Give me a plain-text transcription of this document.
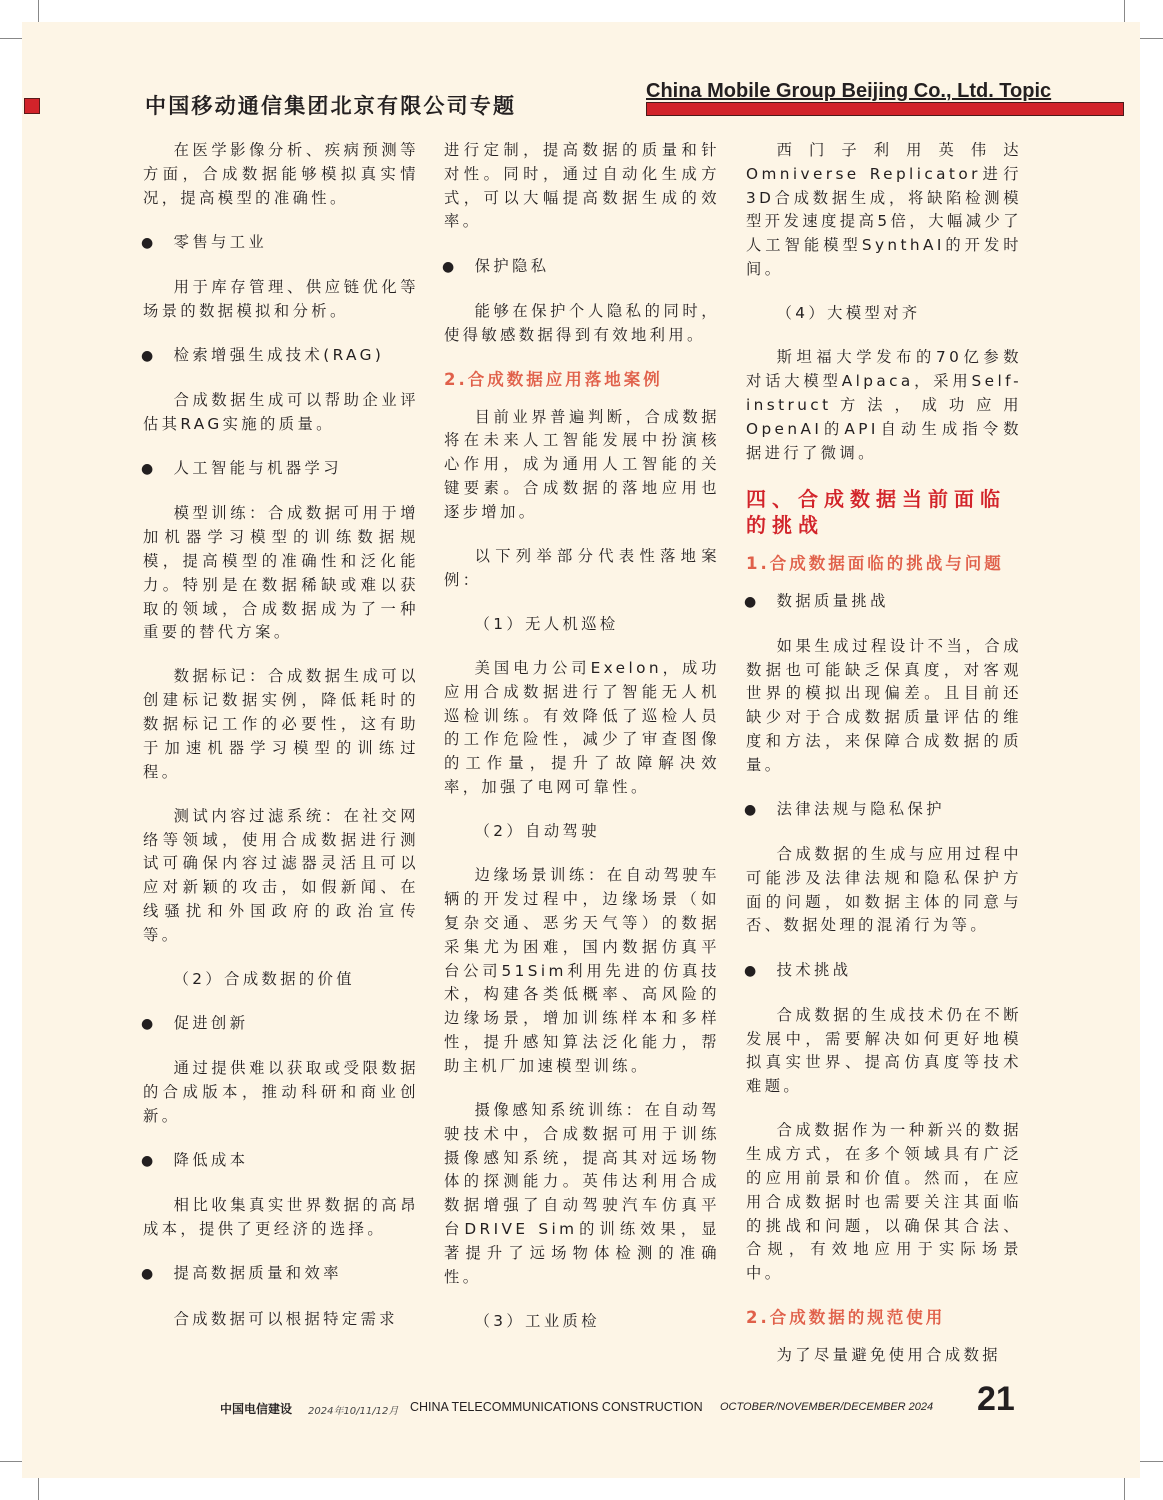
中国移动通信集团北京有限公司专题
China Mobile Group Beijing Co., Ltd. Topic

在医学影像分析、疾病预测等方面，合成数据能够模拟真实情况，提高模型的准确性。

● 零售与工业

用于库存管理、供应链优化等场景的数据模拟和分析。

● 检索增强生成技术(RAG)

合成数据生成可以帮助企业评估其RAG实施的质量。

● 人工智能与机器学习

模型训练：合成数据可用于增加机器学习模型的训练数据规模，提高模型的准确性和泛化能力。特别是在数据稀缺或难以获取的领域，合成数据成为了一种重要的替代方案。

数据标记：合成数据生成可以创建标记数据实例，降低耗时的数据标记工作的必要性，这有助于加速机器学习模型的训练过程。

测试内容过滤系统：在社交网络等领域，使用合成数据进行测试可确保内容过滤器灵活且可以应对新颖的攻击，如假新闻、在线骚扰和外国政府的政治宣传等。

（2）合成数据的价值

● 促进创新

通过提供难以获取或受限数据的合成版本，推动科研和商业创新。

● 降低成本

相比收集真实世界数据的高昂成本，提供了更经济的选择。

● 提高数据质量和效率

合成数据可以根据特定需求

进行定制，提高数据的质量和针对性。同时，通过自动化生成方式，可以大幅提高数据生成的效率。

● 保护隐私

能够在保护个人隐私的同时，使得敏感数据得到有效地利用。

2.合成数据应用落地案例

目前业界普遍判断，合成数据将在未来人工智能发展中扮演核心作用，成为通用人工智能的关键要素。合成数据的落地应用也逐步增加。

以下列举部分代表性落地案例：

（1）无人机巡检

美国电力公司Exelon，成功应用合成数据进行了智能无人机巡检训练。有效降低了巡检人员的工作危险性，减少了审查图像的工作量，提升了故障解决效率，加强了电网可靠性。

（2）自动驾驶

边缘场景训练：在自动驾驶车辆的开发过程中，边缘场景（如复杂交通、恶劣天气等）的数据采集尤为困难，国内数据仿真平台公司51Sim利用先进的仿真技术，构建各类低概率、高风险的边缘场景，增加训练样本和多样性，提升感知算法泛化能力，帮助主机厂加速模型训练。

摄像感知系统训练：在自动驾驶技术中，合成数据可用于训练摄像感知系统，提高其对远场物体的探测能力。英伟达利用合成数据增强了自动驾驶汽车仿真平台DRIVE Sim的训练效果，显著提升了远场物体检测的准确性。

（3）工业质检

西门子利用英伟达Omniverse Replicator进行3D合成数据生成，将缺陷检测模型开发速度提高5倍，大幅减少了人工智能模型SynthAI的开发时间。

（4）大模型对齐

斯坦福大学发布的70亿参数对话大模型Alpaca，采用Self-instruct方法，成功应用OpenAI的API自动生成指令数据进行了微调。

四、合成数据当前面临的挑战
1.合成数据面临的挑战与问题

● 数据质量挑战

如果生成过程设计不当，合成数据也可能缺乏保真度，对客观世界的模拟出现偏差。且目前还缺少对于合成数据质量评估的维度和方法，来保障合成数据的质量。

● 法律法规与隐私保护

合成数据的生成与应用过程中可能涉及法律法规和隐私保护方面的问题，如数据主体的同意与否、数据处理的混淆行为等。

● 技术挑战

合成数据的生成技术仍在不断发展中，需要解决如何更好地模拟真实世界、提高仿真度等技术难题。

合成数据作为一种新兴的数据生成方式，在多个领域具有广泛的应用前景和价值。然而，在应用合成数据时也需要关注其面临的挑战和问题，以确保其合法、合规，有效地应用于实际场景中。

2.合成数据的规范使用

为了尽量避免使用合成数据

中国电信建设 2024年10/11/12月 CHINA TELECOMMUNICATIONS CONSTRUCTION OCTOBER/NOVEMBER/DECEMBER 2024 21
